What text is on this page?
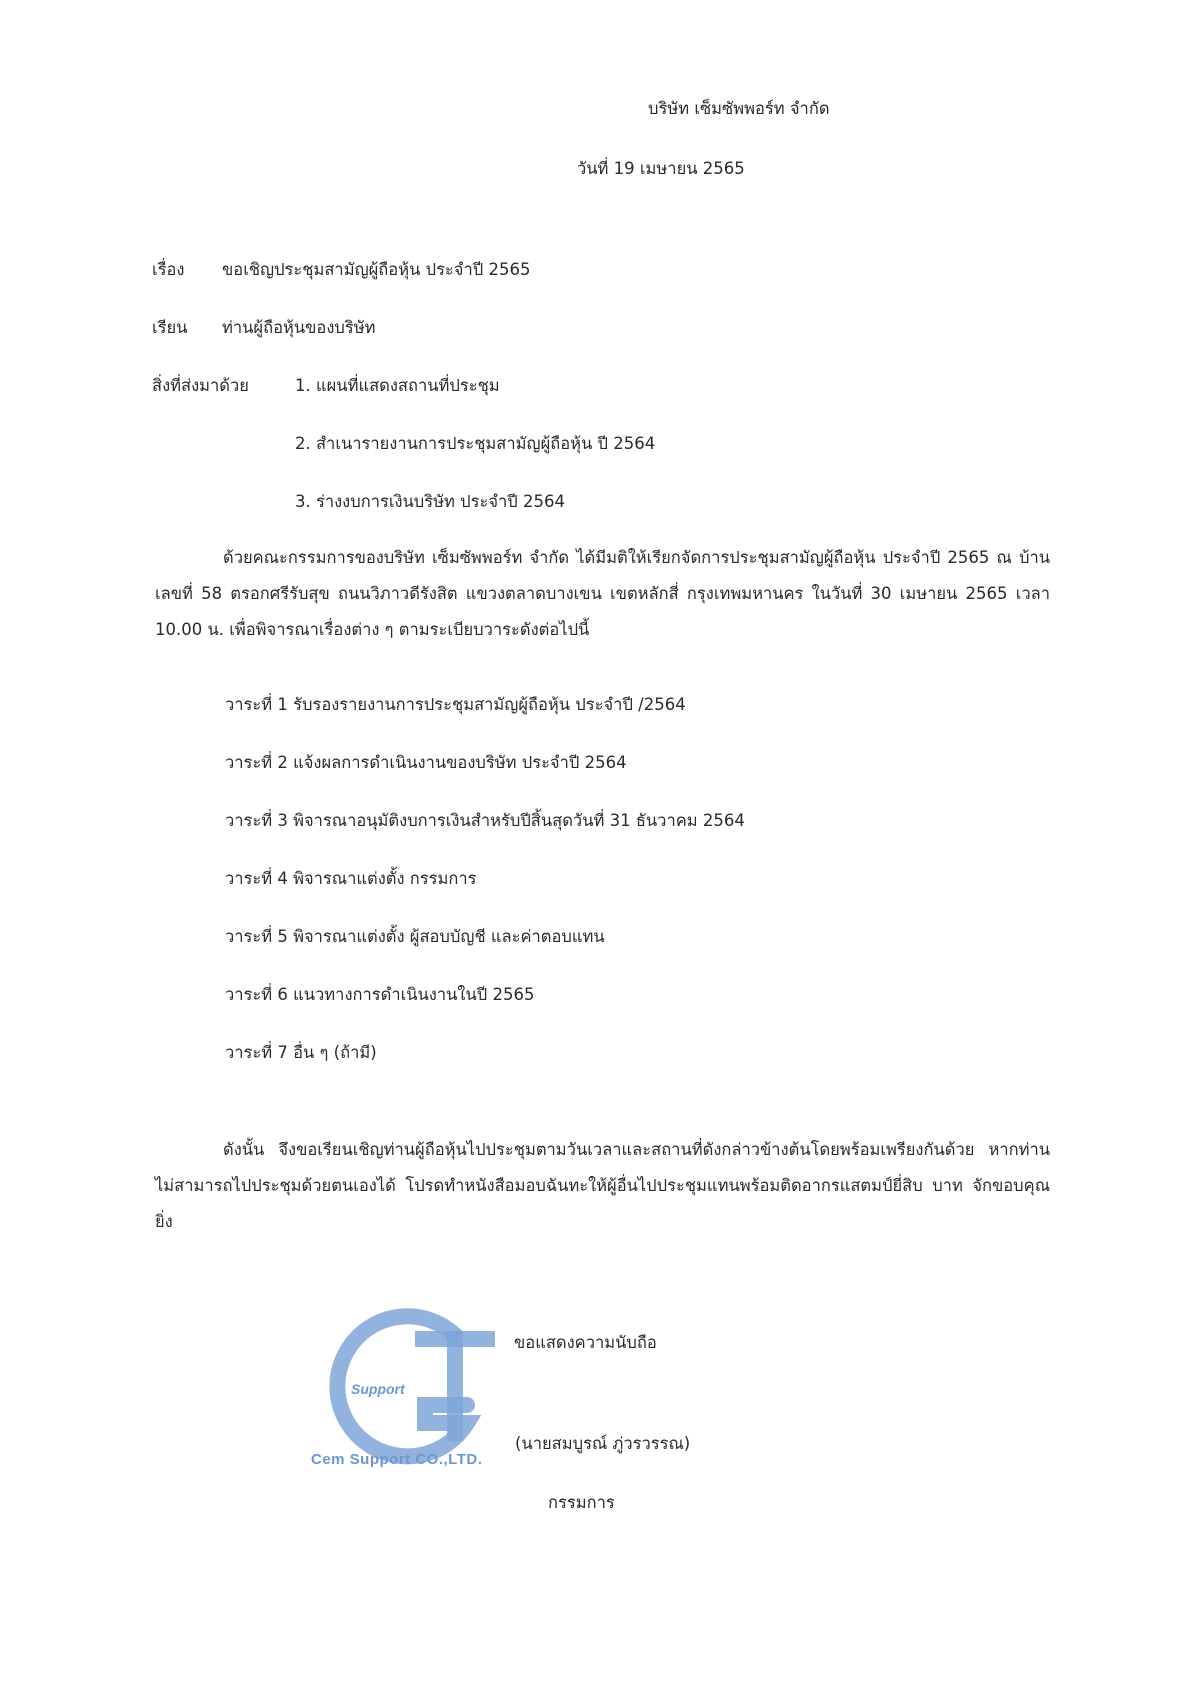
บริษัท เซ็มซัพพอร์ท จำกัด
วันที่ 19 เมษายน 2565
เรื่อง ขอเชิญประชุมสามัญผู้ถือหุ้น ประจำปี 2565
เรียน ท่านผู้ถือหุ้นของบริษัท
สิ่งที่ส่งมาด้วย	1. แผนที่แสดงสถานที่ประชุม
2. สำเนารายงานการประชุมสามัญผู้ถือหุ้น ปี 2564
3. ร่างงบการเงินบริษัท ประจำปี 2564
ด้วยคณะกรรมการของบริษัท เซ็มซัพพอร์ท จำกัด ได้มีมติให้เรียกจัดการประชุมสามัญผู้ถือหุ้น ประจำปี 2565 ณ บ้านเลขที่ 58 ตรอกศรีรับสุข ถนนวิภาวดีรังสิต แขวงตลาดบางเขน เขตหลักสี่ กรุงเทพมหานคร ในวันที่ 30 เมษายน 2565 เวลา 10.00 น. เพื่อพิจารณาเรื่องต่าง ๆ ตามระเบียบวาระดังต่อไปนี้
วาระที่ 1 รับรองรายงานการประชุมสามัญผู้ถือหุ้น ประจำปี /2564
วาระที่ 2 แจ้งผลการดำเนินงานของบริษัท ประจำปี 2564
วาระที่ 3 พิจารณาอนุมัติงบการเงินสำหรับปีสิ้นสุดวันที่ 31 ธันวาคม 2564
วาระที่ 4 พิจารณาแต่งตั้ง กรรมการ
วาระที่ 5 พิจารณาแต่งตั้ง ผู้สอบบัญชี และค่าตอบแทน
วาระที่ 6 แนวทางการดำเนินงานในปี 2565
วาระที่ 7 อื่น ๆ (ถ้ามี)
ดังนั้น จึงขอเรียนเชิญท่านผู้ถือหุ้นไปประชุมตามวันเวลาและสถานที่ดังกล่าวข้างต้นโดยพร้อมเพรียงกันด้วย หากท่านไม่สามารถไปประชุมด้วยตนเองได้ โปรดทำหนังสือมอบฉันทะให้ผู้อื่นไปประชุมแทนพร้อมติดอากรแสตมป์ยี่สิบ บาท จักขอบคุณยิ่ง
Support
Cem Support CO.,LTD.
ขอแสดงความนับถือ
(นายสมบูรณ์ ภู่วรวรรณ)
กรรมการ
